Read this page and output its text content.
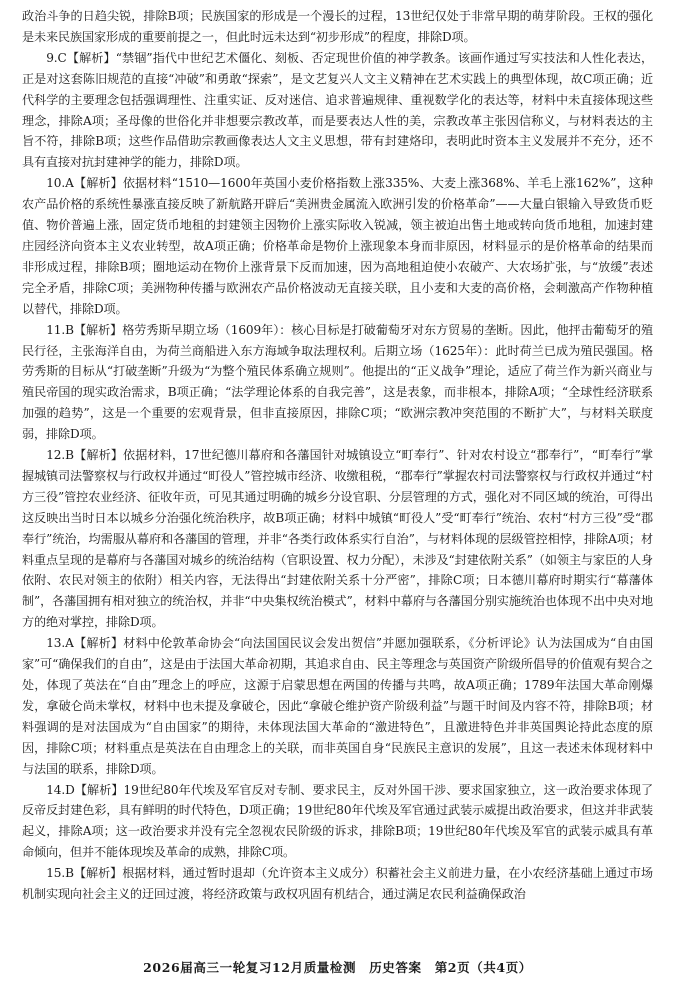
政治斗争的日趋尖锐，排除B项；民族国家的形成是一个漫长的过程，13世纪仅处于非常早期的萌芽阶段。王权的强化是未来民族国家形成的重要前提之一，但此时远未达到“初步形成”的程度，排除D项。

9.C【解析】“禁锢”指代中世纪艺术僵化、刻板、否定现世价值的神学教条。该画作通过写实技法和人性化表达，正是对这套陈旧规范的直接“冲破”和勇敢“探索”，是文艺复兴人文主义精神在艺术实践上的典型体现，故C项正确；近代科学的主要理念包括强调理性、注重实证、反对迷信、追求普遍规律、重视数学化的表达等，材料中未直接体现这些理念，排除A项；圣母像的世俗化并非想要宗教改革，而是要表达人性的美，宗教改革主张因信称义，与材料表达的主旨不符，排除B项；这些作品借助宗教画像表达人文主义思想，带有封建烙印，表明此时资本主义发展并不充分，还不具有直接对抗封建神学的能力，排除D项。

10.A【解析】依据材料“1510—1600年英国小麦价格指数上涨335%、大麦上涨368%、羊毛上涨162%”，这种农产品价格的系统性暴涨直接反映了新航路开辟后“美洲贵金属流入欧洲引发的价格革命”——大量白银输入导致货币贬值、物价普遍上涨，固定货币地租的封建领主因物价上涨实际收入锐减，领主被迫出售土地或转向货币地租，加速封建庄园经济向资本主义农业转型，故A项正确；价格革命是物价上涨现象本身而非原因，材料显示的是价格革命的结果而非形成过程，排除B项；圈地运动在物价上涨背景下反而加速，因为高地租迫使小农破产、大农场扩张，与“放缓”表述完全矛盾，排除C项；美洲物种传播与欧洲农产品价格波动无直接关联，且小麦和大麦的高价格，会刺激高产作物种植以替代，排除D项。

11.B【解析】格劳秀斯早期立场（1609年）：核心目标是打破葡萄牙对东方贸易的垄断。因此，他抨击葡萄牙的殖民行径，主张海洋自由，为荷兰商船进入东方海域争取法理权利。后期立场（1625年）：此时荷兰已成为殖民强国。格劳秀斯的目标从“打破垄断”升级为“为整个殖民体系确立规则”。他提出的“正义战争”理论，适应了荷兰作为新兴商业与殖民帝国的现实政治需求，B项正确；“法学理论体系的自我完善”，这是表象，而非根本，排除A项；“全球性经济联系加强的趋势”，这是一个重要的宏观背景，但非直接原因，排除C项；“欧洲宗教冲突范围的不断扩大”，与材料关联度弱，排除D项。

12.B【解析】依据材料，17世纪德川幕府和各藩国针对城镇设立“町奉行”、针对农村设立“郡奉行”，“町奉行”掌握城镇司法警察权与行政权并通过“町役人”管控城市经济、收缴租税，“郡奉行”掌握农村司法警察权与行政权并通过“村方三役”管控农业经济、征收年贡，可见其通过明确的城乡分设官职、分层管理的方式，强化对不同区域的统治，可得出这反映出当时日本以城乡分治强化统治秩序，故B项正确；材料中城镇“町役人”受“町奉行”统治、农村“村方三役”受“郡奉行”统治，均需服从幕府和各藩国的管理，并非“各类行政体系实行自治”，与材料体现的层级管控相悖，排除A项；材料重点呈现的是幕府与各藩国对城乡的统治结构（官职设置、权力分配），未涉及“封建依附关系”（如领主与家臣的人身依附、农民对领主的依附）相关内容，无法得出“封建依附关系十分严密”，排除C项；日本德川幕府时期实行“幕藩体制”，各藩国拥有相对独立的统治权，并非“中央集权统治模式”，材料中幕府与各藩国分别实施统治也体现不出中央对地方的绝对掌控，排除D项。

13.A【解析】材料中伦敦革命协会“向法国国民议会发出贺信”并愿加强联系，《分析评论》认为法国成为“自由国家”可“确保我们的自由”，这是由于法国大革命初期，其追求自由、民主等理念与英国资产阶级所倡导的价值观有契合之处，体现了英法在“自由”理念上的呼应，这源于启蒙思想在两国的传播与共鸣，故A项正确；1789年法国大革命刚爆发，拿破仑尚未掌权，材料中也未提及拿破仑，因此“拿破仑维护资产阶级利益”与题干时间及内容不符，排除B项；材料强调的是对法国成为“自由国家”的期待，未体现法国大革命的“激进特色”，且激进特色并非英国舆论持此态度的原因，排除C项；材料重点是英法在自由理念上的关联，而非英国自身“民族民主意识的发展”，且这一表述未体现材料中与法国的联系，排除D项。

14.D【解析】19世纪80年代埃及军官反对专制、要求民主，反对外国干涉、要求国家独立，这一政治要求体现了反帝反封建色彩，具有鲜明的时代特色，D项正确；19世纪80年代埃及军官通过武装示威提出政治要求，但这并非武装起义，排除A项；这一政治要求并没有完全忽视农民阶级的诉求，排除B项；19世纪80年代埃及军官的武装示威具有革命倾向，但并不能体现埃及革命的成熟，排除C项。

15.B【解析】根据材料，通过暂时退却（允许资本主义成分）积蓄社会主义前进力量，在小农经济基础上通过市场机制实现向社会主义的迂回过渡，将经济政策与政权巩固有机结合，通过满足农民利益确保政治

2026届高三一轮复习12月质量检测　历史答案　第2页（共4页）
